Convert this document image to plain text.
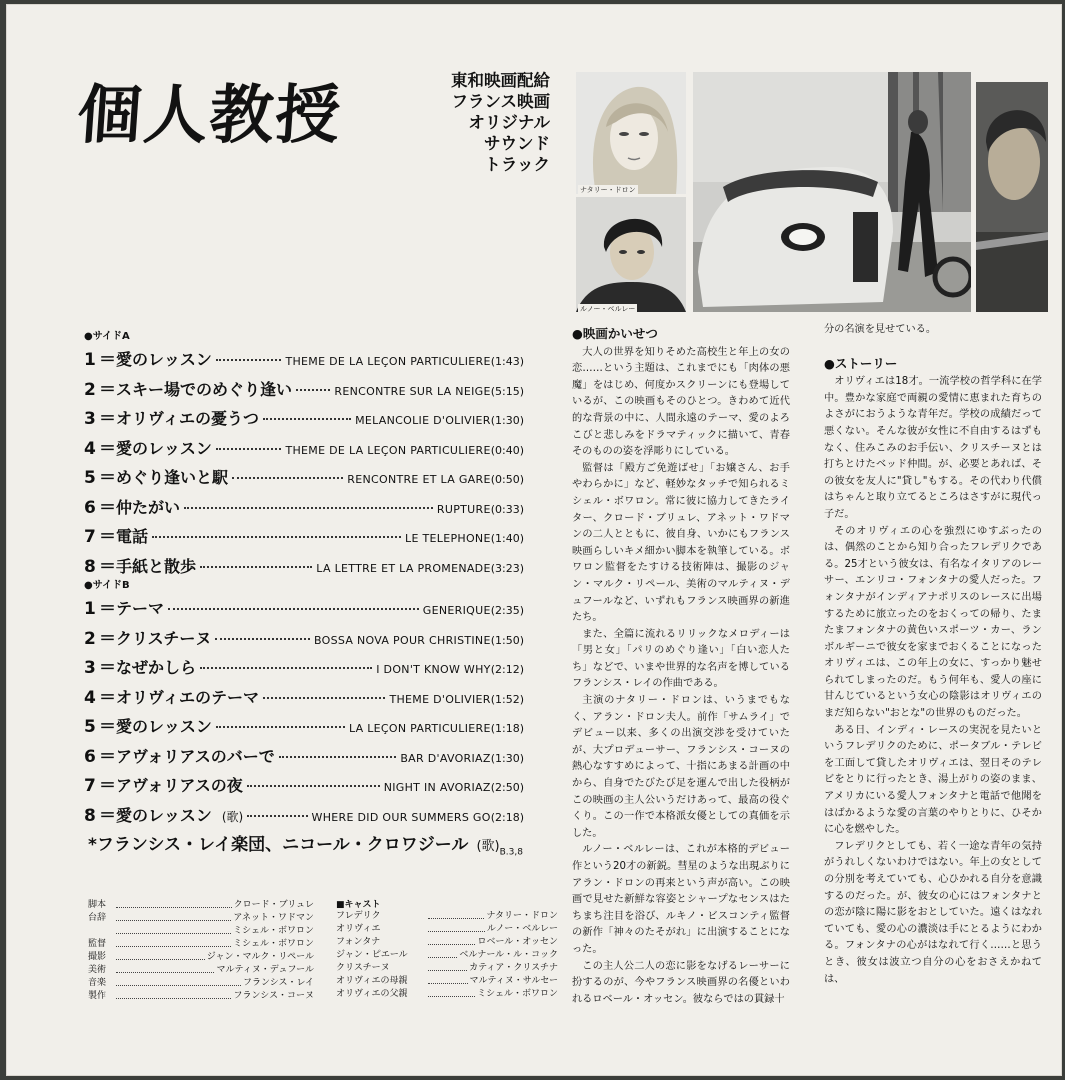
個人教授	東和映画配給
フランス映画
オリジナル
サウンド
トラック
ナタリー・ドロン
ルノー・ベルレー
●サイドA
1 ＝ 愛のレッスン	THEME DE LA LEÇON PARTICULIERE (1:43)
2 ＝ スキー場でのめぐり逢い	RENCONTRE SUR LA NEIGE (5:15)
3 ＝ オリヴィエの憂うつ	MELANCOLIE D'OLIVIER (1:30)
4 ＝ 愛のレッスン	THEME DE LA LEÇON PARTICULIERE (0:40)
5 ＝ めぐり逢いと駅	RENCONTRE ET LA GARE (0:50)
6 ＝ 仲たがい	RUPTURE (0:33)
7 ＝ 電話	LE TELEPHONE (1:40)
8 ＝ 手紙と散歩	LA LETTRE ET LA PROMENADE (3:23)
●サイドB
1 ＝ テーマ	GENERIQUE (2:35)
2 ＝ クリスチーヌ	BOSSA NOVA POUR CHRISTINE (1:50)
3 ＝ なぜかしら	I DON'T KNOW WHY (2:12)
4 ＝ オリヴィエのテーマ	THEME D'OLIVIER (1:52)
5 ＝ 愛のレッスン	LA LEÇON PARTICULIERE (1:18)
6 ＝ アヴォリアスのバーで	BAR D'AVORIAZ (1:30)
7 ＝ アヴォリアスの夜	NIGHT IN AVORIAZ (2:50)
8 ＝ 愛のレッスン (歌)	WHERE DID OUR SUMMERS GO (2:18)
*フランシス・レイ楽団、ニコール・クロワジール (歌)$_{B.3,8}$
脚本	クロード・ブリュレ
台辞	アネット・ワドマン
ミシェル・ボワロン
監督	ミシェル・ボワロン
撮影	ジャン・マルク・リペール
美術	マルティヌ・デュフール
音楽	フランシス・レイ
製作	フランシス・コーヌ
■キャスト
フレデリク	ナタリー・ドロン
オリヴィエ	ルノー・ベルレー
フォンタナ	ロベール・オッセン
ジャン・ピエール	ベルナール・ル・コック
クリスチーヌ	カティア・クリスチナ
オリヴィエの母親	マルティヌ・サルセー
オリヴィエの父親	ミシェル・ボワロン
●映画かいせつ

大人の世界を知りそめた高校生と年上の女の恋……という主題は、これまでにも「肉体の悪魔」をはじめ、何度かスクリーンにも登場しているが、この映画もそのひとつ。きわめて近代的な背景の中に、人間永遠のテーマ、愛のよろこびと悲しみをドラマティックに描いて、青春そのものの姿を浮彫りにしている。

監督は「殿方ご免遊ばせ」「お嬢さん、お手やわらかに」など、軽妙なタッチで知られるミシェル・ボワロン。常に彼に協力してきたライター、クロード・ブリュレ、アネット・ワドマンの二人とともに、彼自身、いかにもフランス映画らしいキメ細かい脚本を執筆している。ボワロン監督をたすける技術陣は、撮影のジャン・マルク・リペール、美術のマルティヌ・デュフールなど、いずれもフランス映画界の新進たち。

また、全篇に流れるリリックなメロディーは「男と女」「パリのめぐり逢い」「白い恋人たち」などで、いまや世界的な名声を博しているフランシス・レイの作曲である。

主演のナタリー・ドロンは、いうまでもなく、アラン・ドロン夫人。前作「サムライ」でデビュー以来、多くの出演交渉を受けていたが、大プロデューサー、フランシス・コーヌの熱心なすすめによって、十指にあまる計画の中から、自身でたびたび足を運んで出した役柄がこの映画の主人公いうだけあって、最高の役ぐくり。この一作で本格派女優としての真価を示した。

ルノー・ベルレーは、これが本格的デビュー作という20才の新鋭。彗星のような出現ぶりにアラン・ドロンの再来という声が高い。この映画で見せた新鮮な容姿とシャープなセンスはたちまち注目を浴び、ルキノ・ビスコンティ監督の新作「神々のたそがれ」に出演することになった。

この主人公二人の恋に影をなげるレーサーに扮するのが、今やフランス映画界の名優といわれるロベール・オッセン。彼ならではの貫録十

分の名演を見せている。
●ストーリー

オリヴィエは18才。一流学校の哲学科に在学中。豊かな家庭で両親の愛情に恵まれた育ちのよさがにおうような青年だ。学校の成績だって悪くない。そんな彼が女性に不自由するはずもなく、住みこみのお手伝い、クリスチーヌとは打ちとけたベッド仲間。が、必要とあれば、その彼女を友人に"貸し"もする。その代わり代償はちゃんと取り立てるところはさすがに現代っ子だ。

そのオリヴィエの心を強烈にゆすぶったのは、偶然のことから知り合ったフレデリクである。25才という彼女は、有名なイタリアのレーサー、エンリコ・フォンタナの愛人だった。フォンタナがインディアナポリスのレースに出場するために旅立ったのをおくっての帰り、たまたまフォンタナの黄色いスポーツ・カー、ランボルギーニで彼女を家までおくることになったオリヴィエは、この年上の女に、すっかり魅せられてしまったのだ。もう何年も、愛人の座に甘んじているという女心の陰影はオリヴィエのまだ知らない"おとな"の世界のものだった。

ある日、インディ・レースの実況を見たいというフレデリクのために、ポータブル・テレビを工面して貸したオリヴィエは、翌日そのテレビをとりに行ったとき、湯上がりの姿のまま、アメリカにいる愛人フォンタナと電話で他聞をはばかるような愛の言葉のやりとりに、ひそかに心を燃やした。

フレデリクとしても、若く一途な青年の気持がうれしくないわけではない。年上の女としての分別を考えていても、心ひかれる自分を意識するのだった。が、彼女の心にはフォンタナとの恋が陰に陽に影をおとしていた。遠くはなれていても、愛の心の濃淡は手にとるようにわかる。フォンタナの心がはなれて行く……と思うとき、彼女は波立つ自分の心をおさえかねては、
